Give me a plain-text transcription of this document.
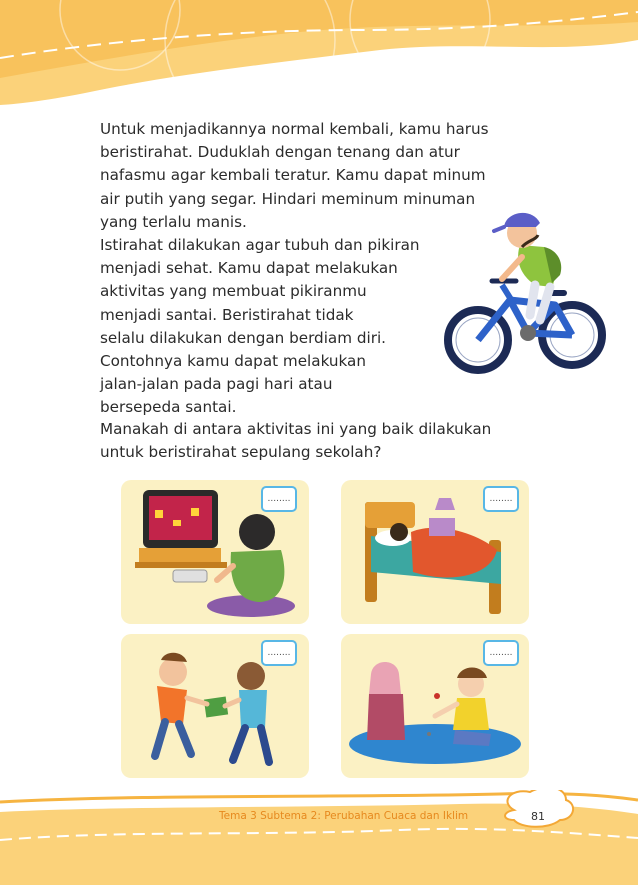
Untuk menjadikannya normal kembali, kamu harus
beristirahat. Duduklah dengan tenang dan atur
nafasmu agar kembali teratur. Kamu dapat minum
air putih yang segar. Hindari meminum minuman
yang terlalu manis.
Istirahat dilakukan agar tubuh dan pikiran
menjadi sehat. Kamu dapat melakukan
aktivitas yang membuat pikiranmu
menjadi santai. Beristirahat tidak
selalu dilakukan dengan berdiam diri.
Contohnya kamu dapat melakukan
jalan-jalan pada pagi hari atau
bersepeda santai.
Manakah di antara aktivitas ini yang baik dilakukan
untuk beristirahat sepulang sekolah?
........	........
........	........
Tema 3 Subtema 2: Perubahan Cuaca dan Iklim	81
